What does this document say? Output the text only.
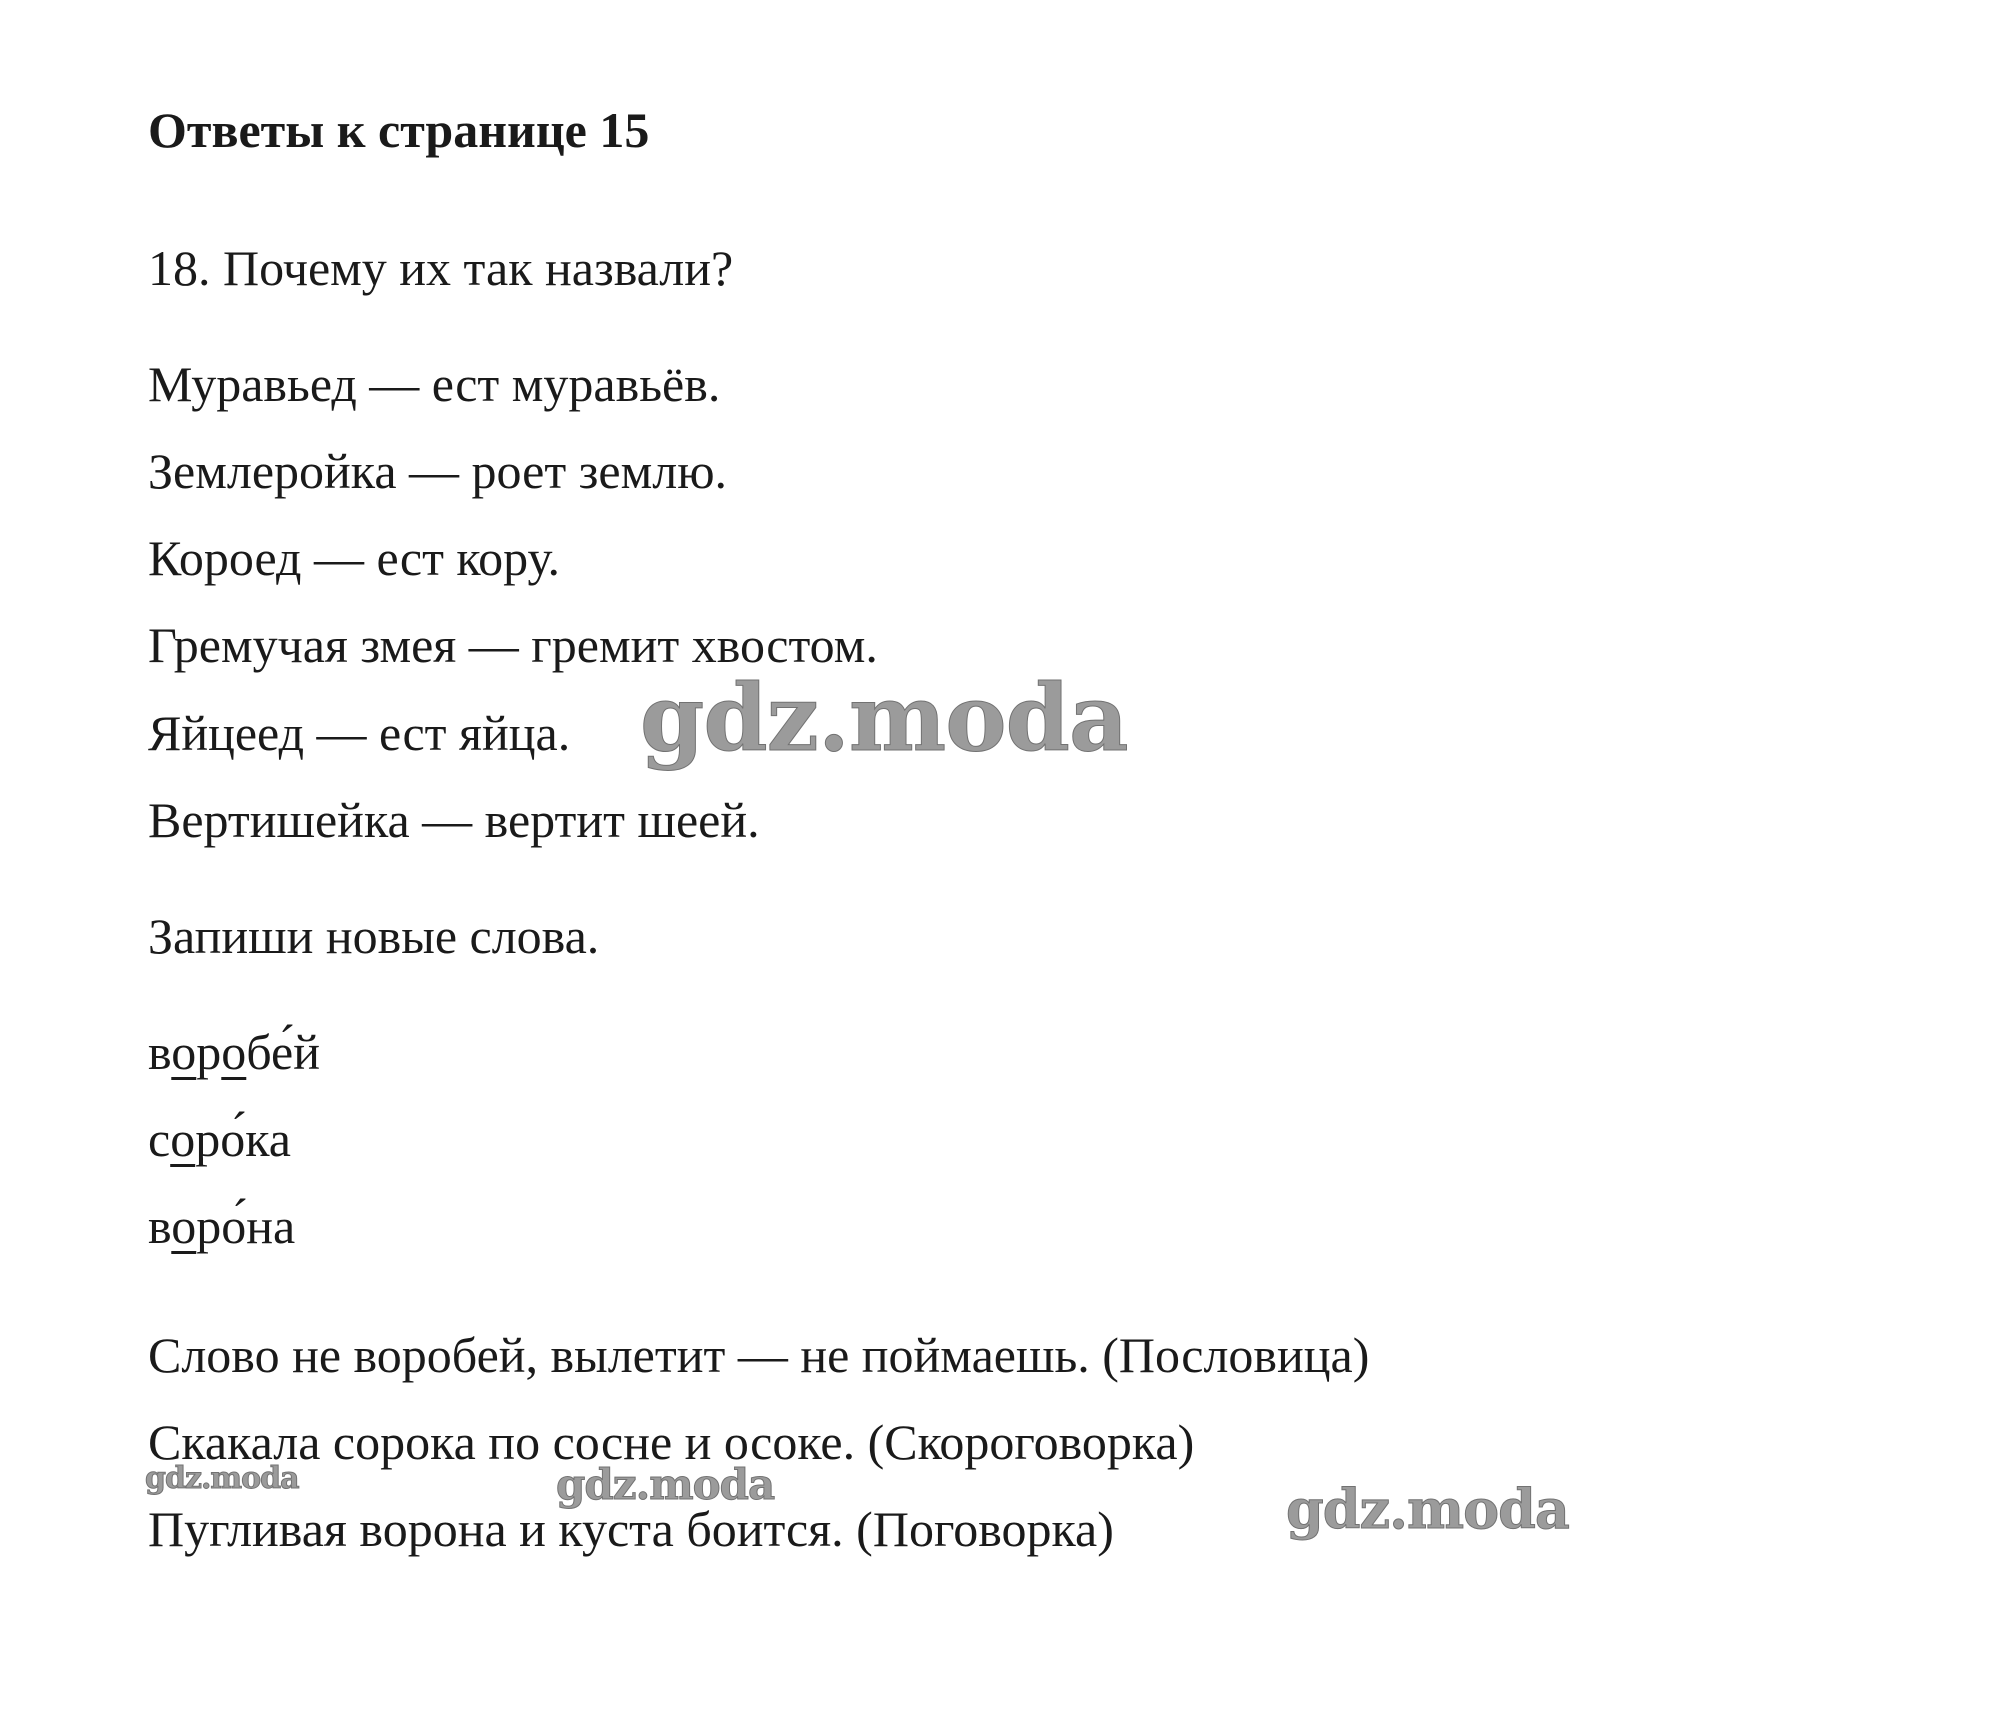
Ответы к странице 15
18. Почему их так назвали?
Муравьед — ест муравьёв.
Землеройка — роет землю.
Короед — ест кору.
Гремучая змея — гремит хвостом.
Яйцеед — ест яйца.
Вертишейка — вертит шеей.
Запиши новые слова.
воробе́й
соро́ка
воро́на
Слово не воробей, вылетит — не поймаешь. (Пословица)
Скакала сорока по сосне и осоке. (Скороговорка)
Пугливая ворона и куста боится. (Поговорка)
gdz.moda
gdz.moda	gdz.moda	gdz.moda
